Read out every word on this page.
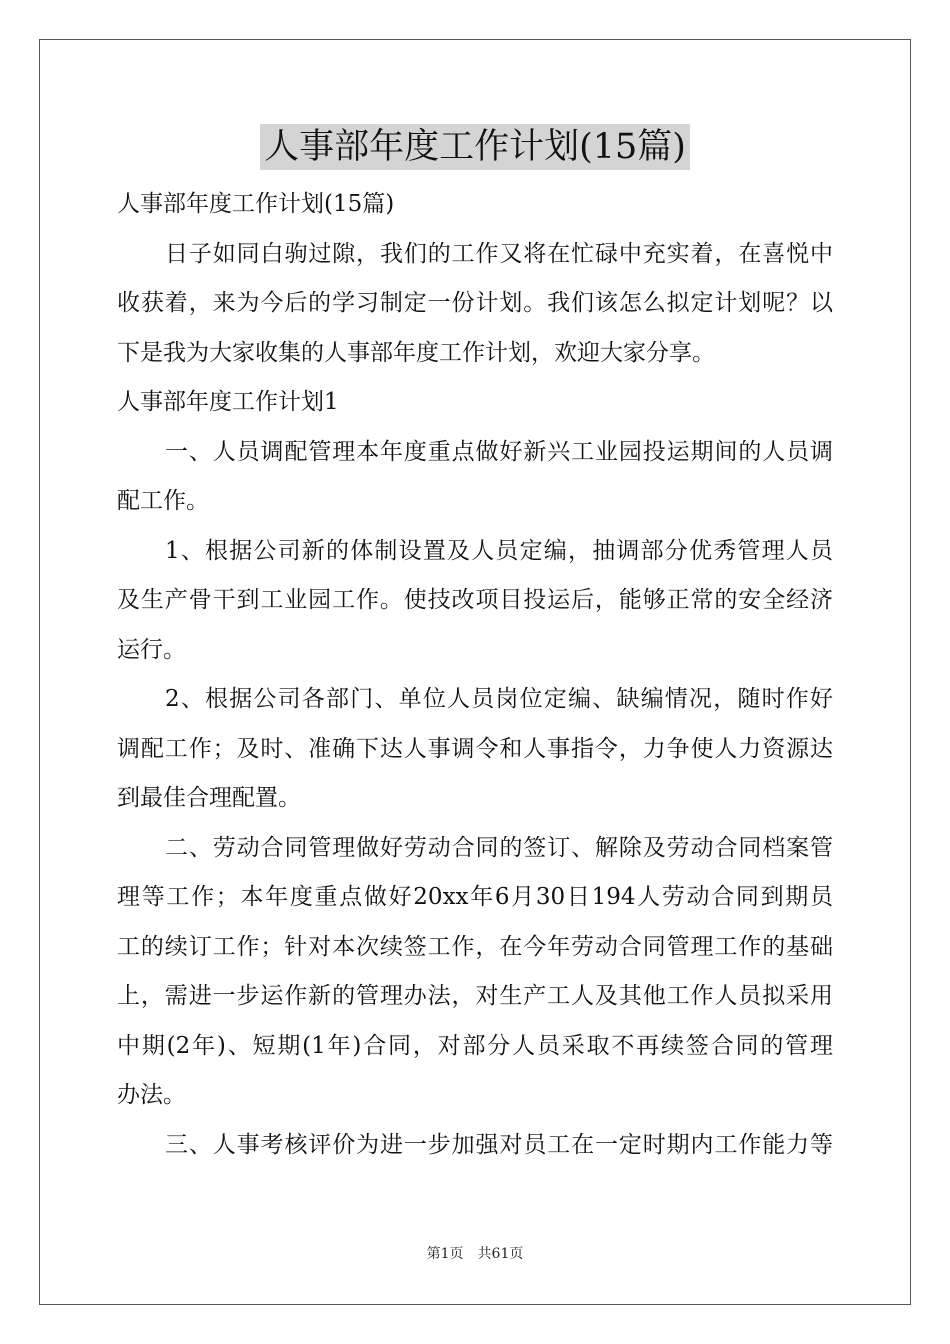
人事部年度工作计划(15篇)
人事部年度工作计划(15篇)
日子如同白驹过隙，我们的工作又将在忙碌中充实着，在喜悦中
收获着，来为今后的学习制定一份计划。我们该怎么拟定计划呢？以
下是我为大家收集的人事部年度工作计划，欢迎大家分享。
人事部年度工作计划1
一、人员调配管理本年度重点做好新兴工业园投运期间的人员调
配工作。
1、根据公司新的体制设置及人员定编，抽调部分优秀管理人员
及生产骨干到工业园工作。使技改项目投运后，能够正常的安全经济
运行。
2、根据公司各部门、单位人员岗位定编、缺编情况，随时作好
调配工作；及时、准确下达人事调令和人事指令，力争使人力资源达
到最佳合理配置。
二、劳动合同管理做好劳动合同的签订、解除及劳动合同档案管
理等工作；本年度重点做好20xx年6月30日194人劳动合同到期员
工的续订工作；针对本次续签工作，在今年劳动合同管理工作的基础
上，需进一步运作新的管理办法，对生产工人及其他工作人员拟采用
中期(2年)、短期(1年)合同，对部分人员采取不再续签合同的管理
办法。
三、人事考核评价为进一步加强对员工在一定时期内工作能力等
第1页 共61页
